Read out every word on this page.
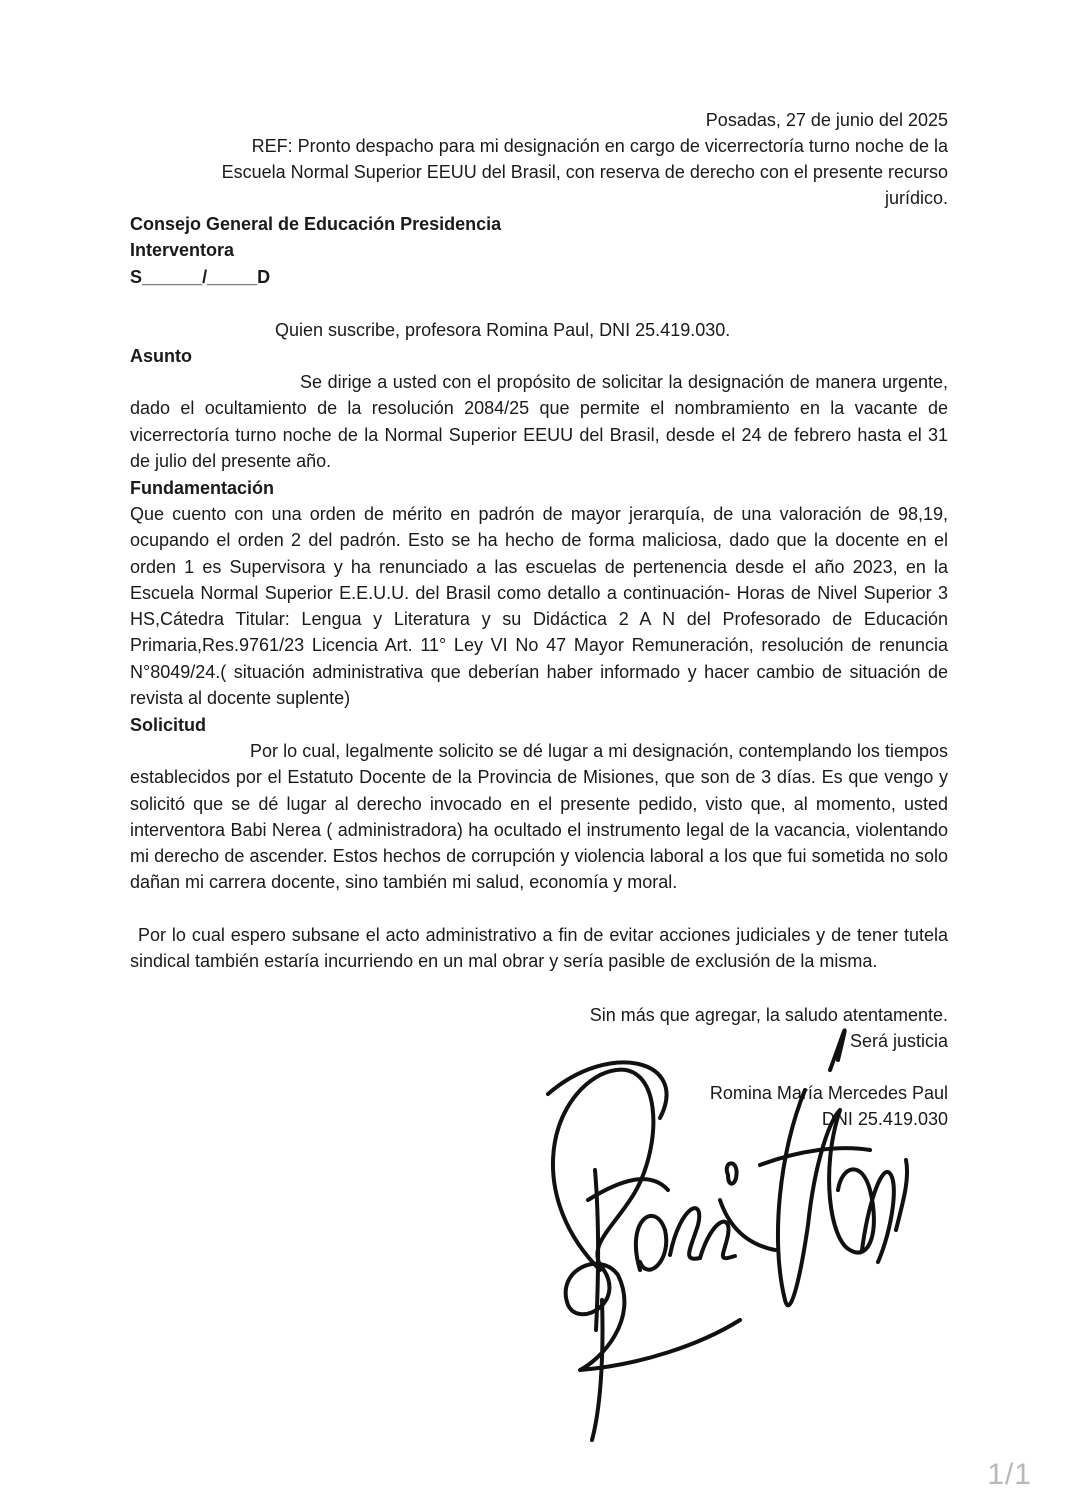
Posadas, 27 de junio del 2025
REF: Pronto despacho para mi designación en cargo de vicerrectoría turno noche de la
Escuela Normal Superior EEUU del Brasil, con reserva de derecho con el presente recurso
jurídico.
Consejo General de Educación Presidencia
Interventora
S______/_____D
Quien suscribe, profesora Romina Paul, DNI 25.419.030.
Asunto
Se dirige a usted con el propósito de solicitar la designación de manera urgente, dado el ocultamiento de la resolución 2084/25 que permite el nombramiento en la vacante de vicerrectoría turno noche de la Normal Superior EEUU del Brasil, desde el 24 de febrero hasta el 31 de julio del presente año.
Fundamentación
Que cuento con una orden de mérito en padrón de mayor jerarquía, de una valoración de 98,19, ocupando el orden 2 del padrón. Esto se ha hecho de forma maliciosa, dado que la docente en el orden 1 es Supervisora y ha renunciado a las escuelas de pertenencia desde el año 2023, en la Escuela Normal Superior E.E.U.U. del Brasil como detallo a continuación- Horas de Nivel Superior 3 HS,Cátedra Titular: Lengua y Literatura y su Didáctica 2 A N del Profesorado de Educación Primaria,Res.9761/23 Licencia Art. 11° Ley VI No 47 Mayor Remuneración, resolución de renuncia N°8049/24.( situación administrativa que deberían haber informado y hacer cambio de situación de revista al docente suplente)
Solicitud
Por lo cual, legalmente solicito se dé lugar a mi designación, contemplando los tiempos establecidos por el Estatuto Docente de la Provincia de Misiones, que son de 3 días. Es que vengo y solicitó que se dé lugar al derecho invocado en el presente pedido, visto que, al momento, usted interventora Babi Nerea ( administradora) ha ocultado el instrumento legal de la vacancia, violentando mi derecho de ascender. Estos hechos de corrupción y violencia laboral a los que fui sometida no solo dañan mi carrera docente, sino también mi salud, economía y moral.
Por lo cual espero subsane el acto administrativo a fin de evitar acciones judiciales y de tener tutela sindical también estaría incurriendo en un mal obrar y sería pasible de exclusión de la misma.
Sin más que agregar, la saludo atentamente.
Será justicia
Romina María Mercedes Paul
DNI 25.419.030
1/1
